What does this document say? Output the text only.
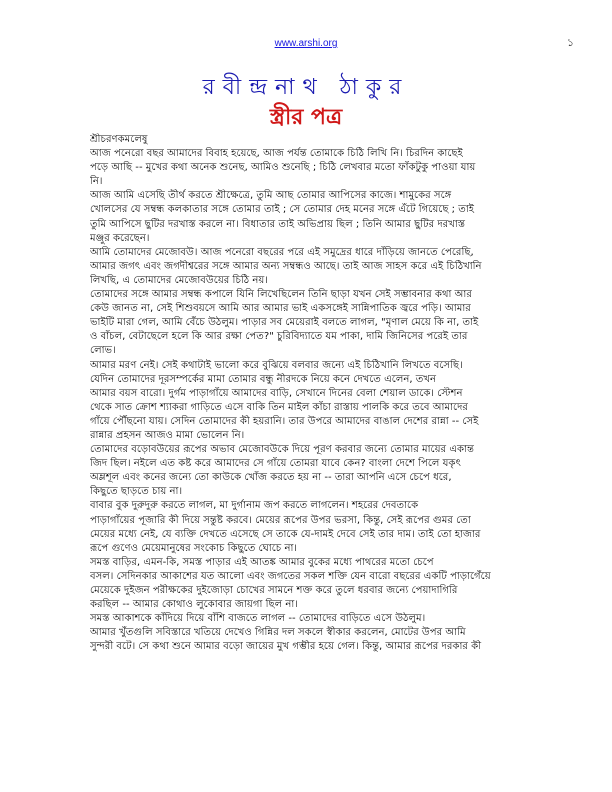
www.arshi.org	১
রবীন্দ্রনাথ ঠাকুর
স্ত্রীর পত্র
শ্রীচরণকমলেষু
আজ পনেরো বছর আমাদের বিবাহ হয়েছে, আজ পর্যন্ত তোমাকে চিঠি লিখি নি। চিরদিন কাছেই
পড়ে আছি -- মুখের কথা অনেক শুনেছ, আমিও শুনেছি ; চিঠি লেখবার মতো ফাঁকটুকু পাওয়া যায়
নি।
আজ আমি এসেছি তীর্থ করতে শ্রীক্ষেত্রে, তুমি আছ তোমার আপিসের কাজে। শামুকের সঙ্গে
খোলসের যে সম্বন্ধ কলকাতার সঙ্গে তোমার তাই ; সে তোমার দেহ মনের সঙ্গে এঁটে গিয়েছে ; তাই
তুমি আপিসে ছুটির দরখাস্ত করলে না। বিধাতার তাই অভিপ্রায় ছিল ; তিনি আমার ছুটির দরখাস্ত
মঞ্জুর করেছেন।
আমি তোমাদের মেজোবউ। আজ পনেরো বছরের পরে এই সমুদ্রের ধারে দাঁড়িয়ে জানতে পেরেছি,
আমার জগৎ এবং জগদীশ্বরের সঙ্গে আমার অন্য সম্বন্ধও আছে। তাই আজ সাহস করে এই চিঠিখানি
লিখছি, এ তোমাদের মেজোবউয়ের চিঠি নয়।
তোমাদের সঙ্গে আমার সম্বন্ধ কপালে যিনি লিখেছিলেন তিনি ছাড়া যখন সেই সম্ভাবনার কথা আর
কেউ জানত না, সেই শিশুবয়সে আমি আর আমার ভাই একসঙ্গেই সান্নিপাতিক জ্বরে পড়ি। আমার
ভাইটি মারা গেল, আমি বেঁচে উঠলুম। পাড়ার সব মেয়েরাই বলতে লাগল, "মৃণাল মেয়ে কি না, তাই
ও বাঁচল, বেটাছেলে হলে কি আর রক্ষা পেত?" চুরিবিদ্যাতে যম পাকা, দামি জিনিসের পরেই তার
লোভ।
আমার মরণ নেই। সেই কথাটাই ভালো করে বুঝিয়ে বলবার জন্যে এই চিঠিখানি লিখতে বসেছি।
যেদিন তোমাদের দূরসম্পর্কের মামা তোমার বন্ধু নীরদকে নিয়ে কনে দেখতে এলেন, তখন
আমার বয়স বারো। দুর্গম পাড়াগাঁয়ে আমাদের বাড়ি, সেখানে দিনের বেলা শেয়াল ডাকে। স্টেশন
থেকে সাত ক্রোশ শ্যাকরা গাড়িতে এসে বাকি তিন মাইল কাঁচা রাস্তায় পালকি করে তবে আমাদের
গাঁয়ে পৌঁছনো যায়। সেদিন তোমাদের কী হয়রানি। তার উপরে আমাদের বাঙাল দেশের রান্না -- সেই
রান্নার প্রহসন আজও মামা ভোলেন নি।
তোমাদের বড়োবউয়ের রূপের অভাব মেজোবউকে দিয়ে পূরণ করবার জন্যে তোমার মায়ের একান্ত
জিদ ছিল। নইলে এত কষ্ট করে আমাদের সে গাঁয়ে তোমরা যাবে কেন? বাংলা দেশে পিলে যকৃৎ
অম্লশূল এবং কনের জন্যে তো কাউকে খোঁজ করতে হয় না -- তারা আপনি এসে চেপে ধরে,
কিছুতে ছাড়তে চায় না।
বাবার বুক দুরুদুরু করতে লাগল, মা দুর্গানাম জপ করতে লাগলেন। শহরের দেবতাকে
পাড়াগাঁয়ের পূজারি কী দিয়ে সন্তুষ্ট করবে। মেয়ের রূপের উপর ভরসা, কিন্তু, সেই রূপের গুমর তো
মেয়ের মধ্যে নেই, যে ব্যক্তি দেখতে এসেছে সে তাকে যে-দামই দেবে সেই তার দাম। তাই তো হাজার
রূপে গুণেও মেয়েমানুষের সংকোচ কিছুতে ঘোচে না।
সমস্ত বাড়ির, এমন-কি, সমস্ত পাড়ার এই আতঙ্ক আমার বুকের মধ্যে পাথরের মতো চেপে
বসল। সেদিনকার আকাশের যত আলো এবং জগতের সকল শক্তি যেন বারো বছরের একটি পাড়াগেঁয়ে
মেয়েকে দুইজন পরীক্ষকের দুইজোড়া চোখের সামনে শক্ত করে তুলে ধরবার জন্যে পেয়াদাগিরি
করছিল -- আমার কোথাও লুকোবার জায়গা ছিল না।
সমস্ত আকাশকে কাঁদিয়ে দিয়ে বাঁশি বাজতে লাগল -- তোমাদের বাড়িতে এসে উঠলুম।
আমার খুঁতগুলি সবিস্তারে খতিয়ে দেখেও গিন্নির দল সকলে স্বীকার করলেন, মোটের উপর আমি
সুন্দরী বটে। সে কথা শুনে আমার বড়ো জায়ের মুখ গম্ভীর হয়ে গেল। কিন্তু, আমার রূপের দরকার কী
